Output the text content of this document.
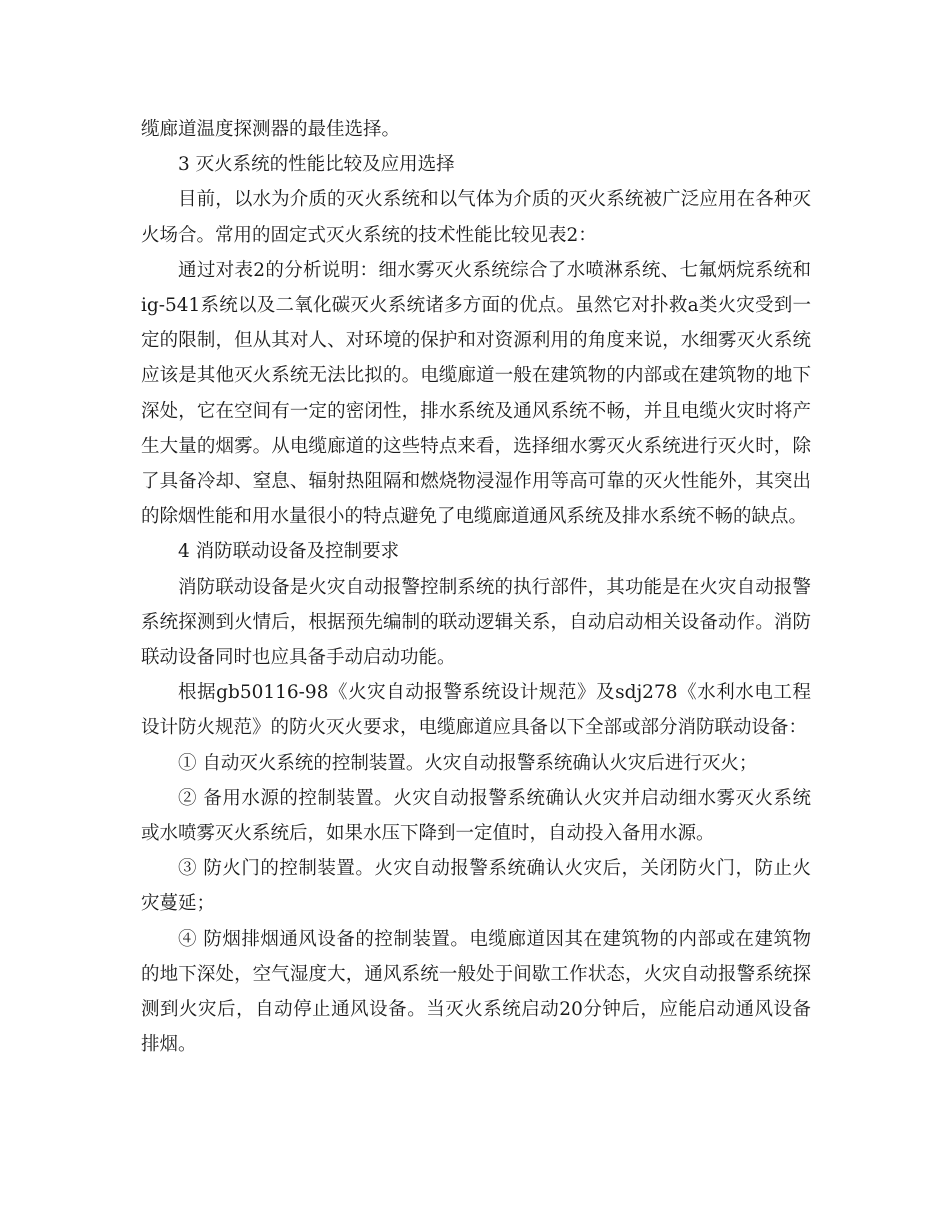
缆廊道温度探测器的最佳选择。

3 灭火系统的性能比较及应用选择

目前，以水为介质的灭火系统和以气体为介质的灭火系统被广泛应用在各种灭火场合。常用的固定式灭火系统的技术性能比较见表2：

通过对表2的分析说明：细水雾灭火系统综合了水喷淋系统、七氟炳烷系统和ig-541系统以及二氧化碳灭火系统诸多方面的优点。虽然它对扑救a类火灾受到一定的限制，但从其对人、对环境的保护和对资源利用的角度来说，水细雾灭火系统应该是其他灭火系统无法比拟的。电缆廊道一般在建筑物的内部或在建筑物的地下深处，它在空间有一定的密闭性，排水系统及通风系统不畅，并且电缆火灾时将产生大量的烟雾。从电缆廊道的这些特点来看，选择细水雾灭火系统进行灭火时，除了具备冷却、窒息、辐射热阻隔和燃烧物浸湿作用等高可靠的灭火性能外，其突出的除烟性能和用水量很小的特点避免了电缆廊道通风系统及排水系统不畅的缺点。

4 消防联动设备及控制要求

消防联动设备是火灾自动报警控制系统的执行部件，其功能是在火灾自动报警系统探测到火情后，根据预先编制的联动逻辑关系，自动启动相关设备动作。消防联动设备同时也应具备手动启动功能。

根据gb50116-98《火灾自动报警系统设计规范》及sdj278《水利水电工程设计防火规范》的防火灭火要求，电缆廊道应具备以下全部或部分消防联动设备：

① 自动灭火系统的控制装置。火灾自动报警系统确认火灾后进行灭火；

② 备用水源的控制装置。火灾自动报警系统确认火灾并启动细水雾灭火系统或水喷雾灭火系统后，如果水压下降到一定值时，自动投入备用水源。

③ 防火门的控制装置。火灾自动报警系统确认火灾后，关闭防火门，防止火灾蔓延；

④ 防烟排烟通风设备的控制装置。电缆廊道因其在建筑物的内部或在建筑物的地下深处，空气湿度大，通风系统一般处于间歇工作状态，火灾自动报警系统探测到火灾后，自动停止通风设备。当灭火系统启动20分钟后，应能启动通风设备排烟。
